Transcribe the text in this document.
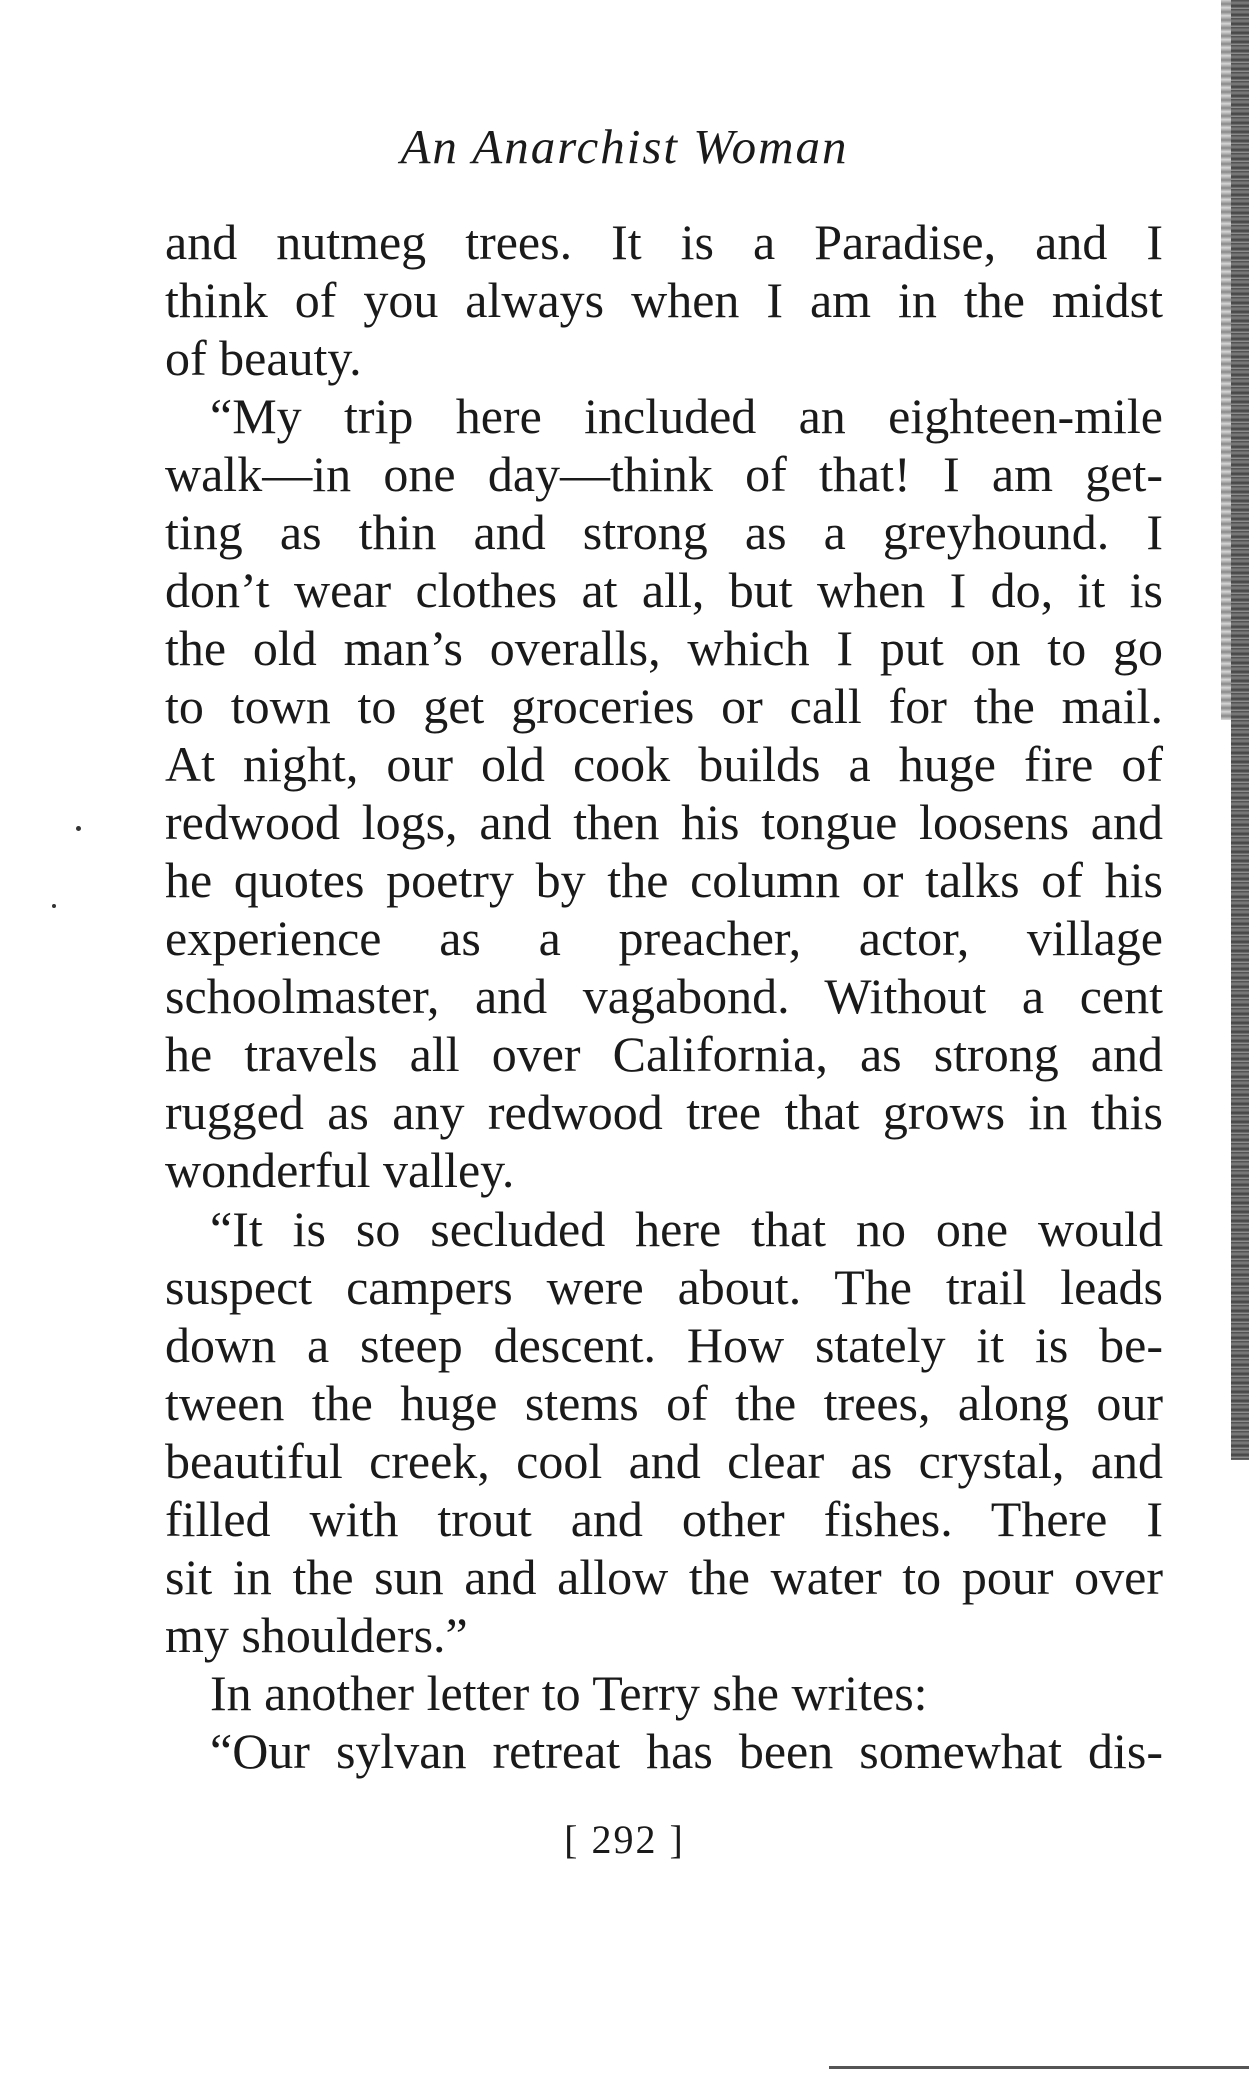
An Anarchist Woman
and nutmeg trees. It is a Paradise, and I
think of you always when I am in the midst
of beauty.
“My trip here included an eighteen-mile
walk—in one day—think of that! I am get-
ting as thin and strong as a greyhound. I
don’t wear clothes at all, but when I do, it is
the old man’s overalls, which I put on to go
to town to get groceries or call for the mail.
At night, our old cook builds a huge fire of
redwood logs, and then his tongue loosens and
he quotes poetry by the column or talks of his
experience as a preacher, actor, village
schoolmaster, and vagabond. Without a cent
he travels all over California, as strong and
rugged as any redwood tree that grows in this
wonderful valley.
“It is so secluded here that no one would
suspect campers were about. The trail leads
down a steep descent. How stately it is be-
tween the huge stems of the trees, along our
beautiful creek, cool and clear as crystal, and
filled with trout and other fishes. There I
sit in the sun and allow the water to pour over
my shoulders.”
In another letter to Terry she writes:
“Our sylvan retreat has been somewhat dis-
[ 292 ]
